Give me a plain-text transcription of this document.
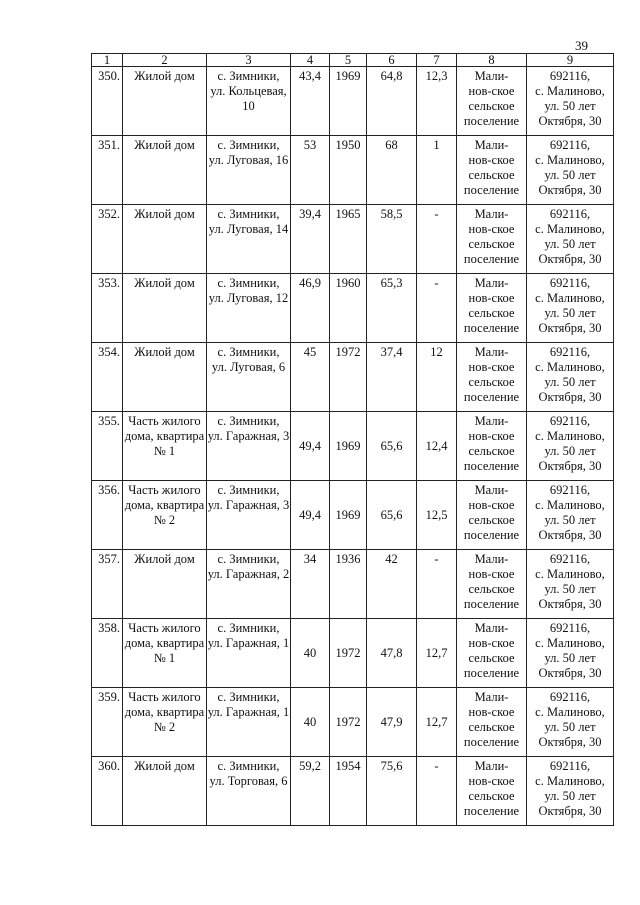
39
1	2	3	4	5	6	7	8	9
350.	Жилой дом	с. Зимники,
ул. Кольцевая,
10	43,4	1969	64,8	12,3	Мали-
нов-ское
сельское
поселение	692116,
с. Малиново,
ул. 50 лет
Октября, 30
351.	Жилой дом	с. Зимники,
ул. Луговая, 16	53	1950	68	1	Мали-
нов-ское
сельское
поселение	692116,
с. Малиново,
ул. 50 лет
Октября, 30
352.	Жилой дом	с. Зимники,
ул. Луговая, 14	39,4	1965	58,5	-	Мали-
нов-ское
сельское
поселение	692116,
с. Малиново,
ул. 50 лет
Октября, 30
353.	Жилой дом	с. Зимники,
ул. Луговая, 12	46,9	1960	65,3	-	Мали-
нов-ское
сельское
поселение	692116,
с. Малиново,
ул. 50 лет
Октября, 30
354.	Жилой дом	с. Зимники,
ул. Луговая, 6	45	1972	37,4	12	Мали-
нов-ское
сельское
поселение	692116,
с. Малиново,
ул. 50 лет
Октября, 30
355.	Часть жилого
дома, квартира
№ 1	с. Зимники,
ул. Гаражная, 3	49,4	1969	65,6	12,4	Мали-
нов-ское
сельское
поселение	692116,
с. Малиново,
ул. 50 лет
Октября, 30
356.	Часть жилого
дома, квартира
№ 2	с. Зимники,
ул. Гаражная, 3	49,4	1969	65,6	12,5	Мали-
нов-ское
сельское
поселение	692116,
с. Малиново,
ул. 50 лет
Октября, 30
357.	Жилой дом	с. Зимники,
ул. Гаражная, 2	34	1936	42	-	Мали-
нов-ское
сельское
поселение	692116,
с. Малиново,
ул. 50 лет
Октября, 30
358.	Часть жилого
дома, квартира
№ 1	с. Зимники,
ул. Гаражная, 1	40	1972	47,8	12,7	Мали-
нов-ское
сельское
поселение	692116,
с. Малиново,
ул. 50 лет
Октября, 30
359.	Часть жилого
дома, квартира
№ 2	с. Зимники,
ул. Гаражная, 1	40	1972	47,9	12,7	Мали-
нов-ское
сельское
поселение	692116,
с. Малиново,
ул. 50 лет
Октября, 30
360.	Жилой дом	с. Зимники,
ул. Торговая, 6	59,2	1954	75,6	-	Мали-
нов-ское
сельское
поселение	692116,
с. Малиново,
ул. 50 лет
Октября, 30
